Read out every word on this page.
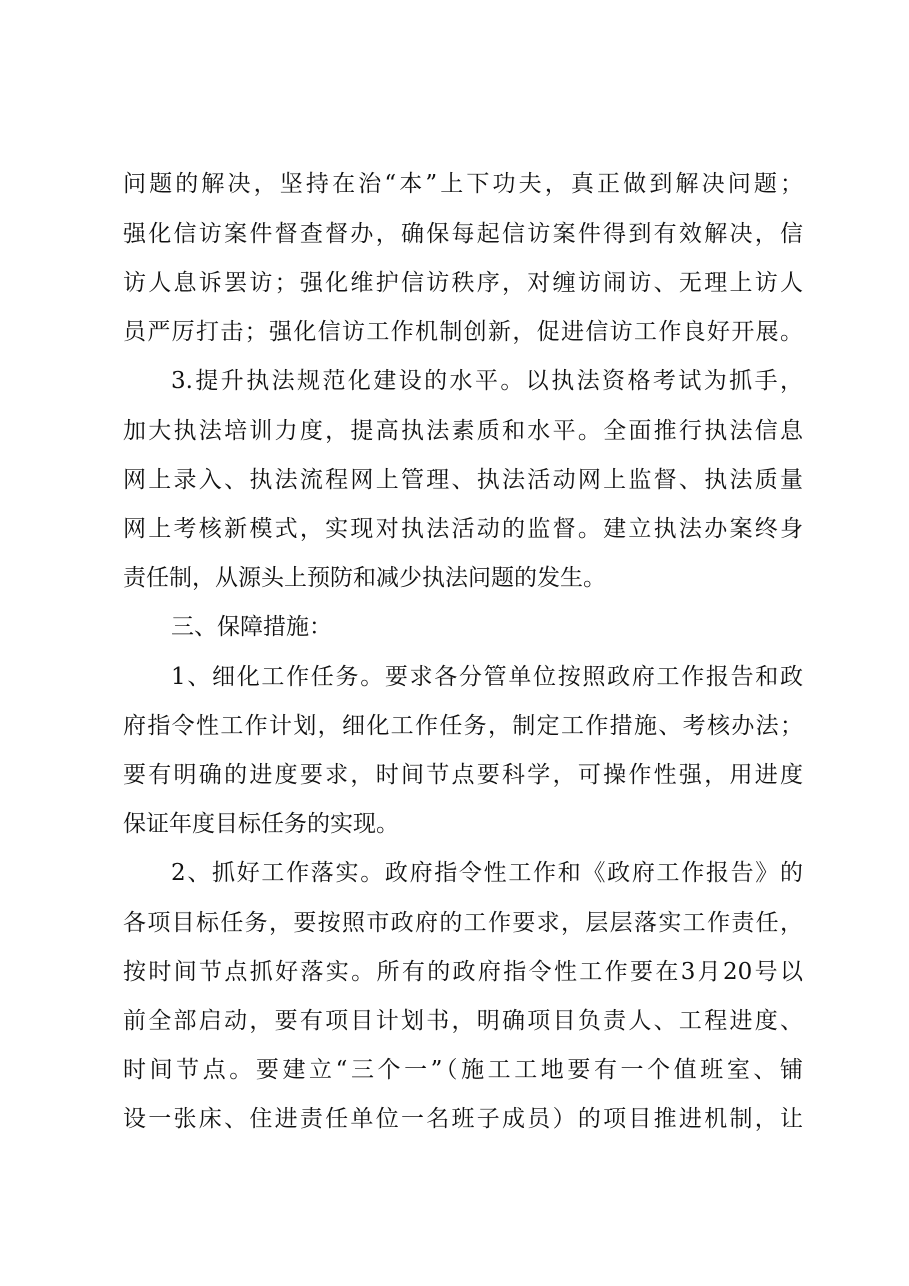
问题的解决，坚持在治“本”上下功夫，真正做到解决问题；
强化信访案件督查督办，确保每起信访案件得到有效解决，信
访人息诉罢访；强化维护信访秩序，对缠访闹访、无理上访人
员严厉打击；强化信访工作机制创新，促进信访工作良好开展。
3.提升执法规范化建设的水平。以执法资格考试为抓手，
加大执法培训力度，提高执法素质和水平。全面推行执法信息
网上录入、执法流程网上管理、执法活动网上监督、执法质量
网上考核新模式，实现对执法活动的监督。建立执法办案终身
责任制，从源头上预防和减少执法问题的发生。
三、保障措施：
1、细化工作任务。要求各分管单位按照政府工作报告和政
府指令性工作计划，细化工作任务，制定工作措施、考核办法；
要有明确的进度要求，时间节点要科学，可操作性强，用进度
保证年度目标任务的实现。
2、抓好工作落实。政府指令性工作和《政府工作报告》的
各项目标任务，要按照市政府的工作要求，层层落实工作责任，
按时间节点抓好落实。所有的政府指令性工作要在3月20号以
前全部启动，要有项目计划书，明确项目负责人、工程进度、
时间节点。要建立“三个一”（施工工地要有一个值班室、铺
设一张床、住进责任单位一名班子成员）的项目推进机制，让
